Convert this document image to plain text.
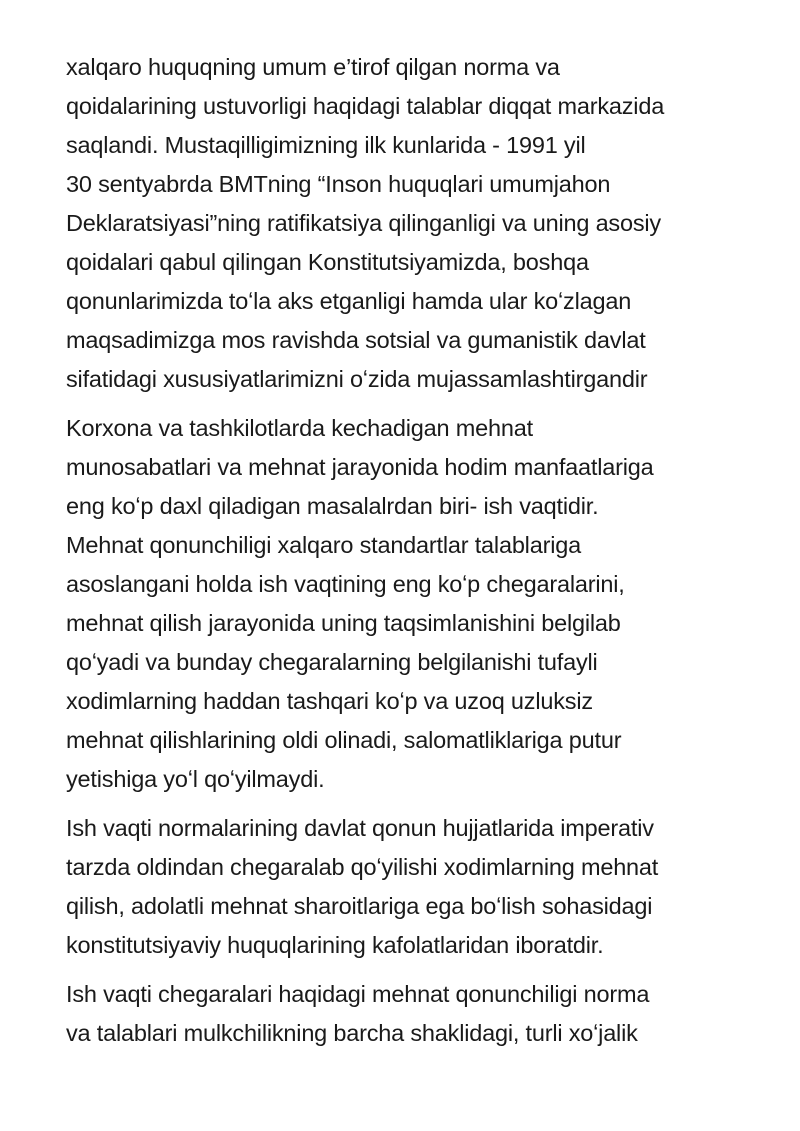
xalqaro huquqning umum e’tirof qilgan norma va
qoidalarining ustuvorligi haqidagi talablar diqqat markazida
saqlandi. Mustaqilligimizning ilk kunlarida - 1991 yil
30 sentyabrda BMTning “Inson huquqlari umumjahon
Deklaratsiyasi”ning ratifikatsiya qilinganligi va uning asosiy
qoidalari qabul qilingan Konstitutsiyamizda, boshqa
qonunlarimizda toʻla aks etganligi hamda ular koʻzlagan
maqsadimizga mos ravishda sotsial va gumanistik davlat
sifatidagi xususiyatlarimizni oʻzida mujassamlashtirgandir
Korxona va tashkilotlarda kechadigan mehnat
munosabatlari va mehnat jarayonida hodim manfaatlariga
eng koʻp daxl qiladigan masalalrdan biri- ish vaqtidir.
Mehnat qonunchiligi xalqaro standartlar talablariga
asoslangani holda ish vaqtining eng koʻp chegaralarini,
mehnat qilish jarayonida uning taqsimlanishini belgilab
qoʻyadi va bunday chegaralarning belgilanishi tufayli
xodimlarning haddan tashqari koʻp va uzoq uzluksiz
mehnat qilishlarining oldi olinadi, salomatliklariga putur
yetishiga yoʻl qoʻyilmaydi.
Ish vaqti normalarining davlat qonun hujjatlarida imperativ
tarzda oldindan chegaralab qoʻyilishi xodimlarning mehnat
qilish, adolatli mehnat sharoitlariga ega boʻlish sohasidagi
konstitutsiyaviy huquqlarining kafolatlaridan iboratdir.
Ish vaqti chegaralari haqidagi mehnat qonunchiligi norma
va talablari mulkchilikning barcha shaklidagi, turli xoʻjalik
